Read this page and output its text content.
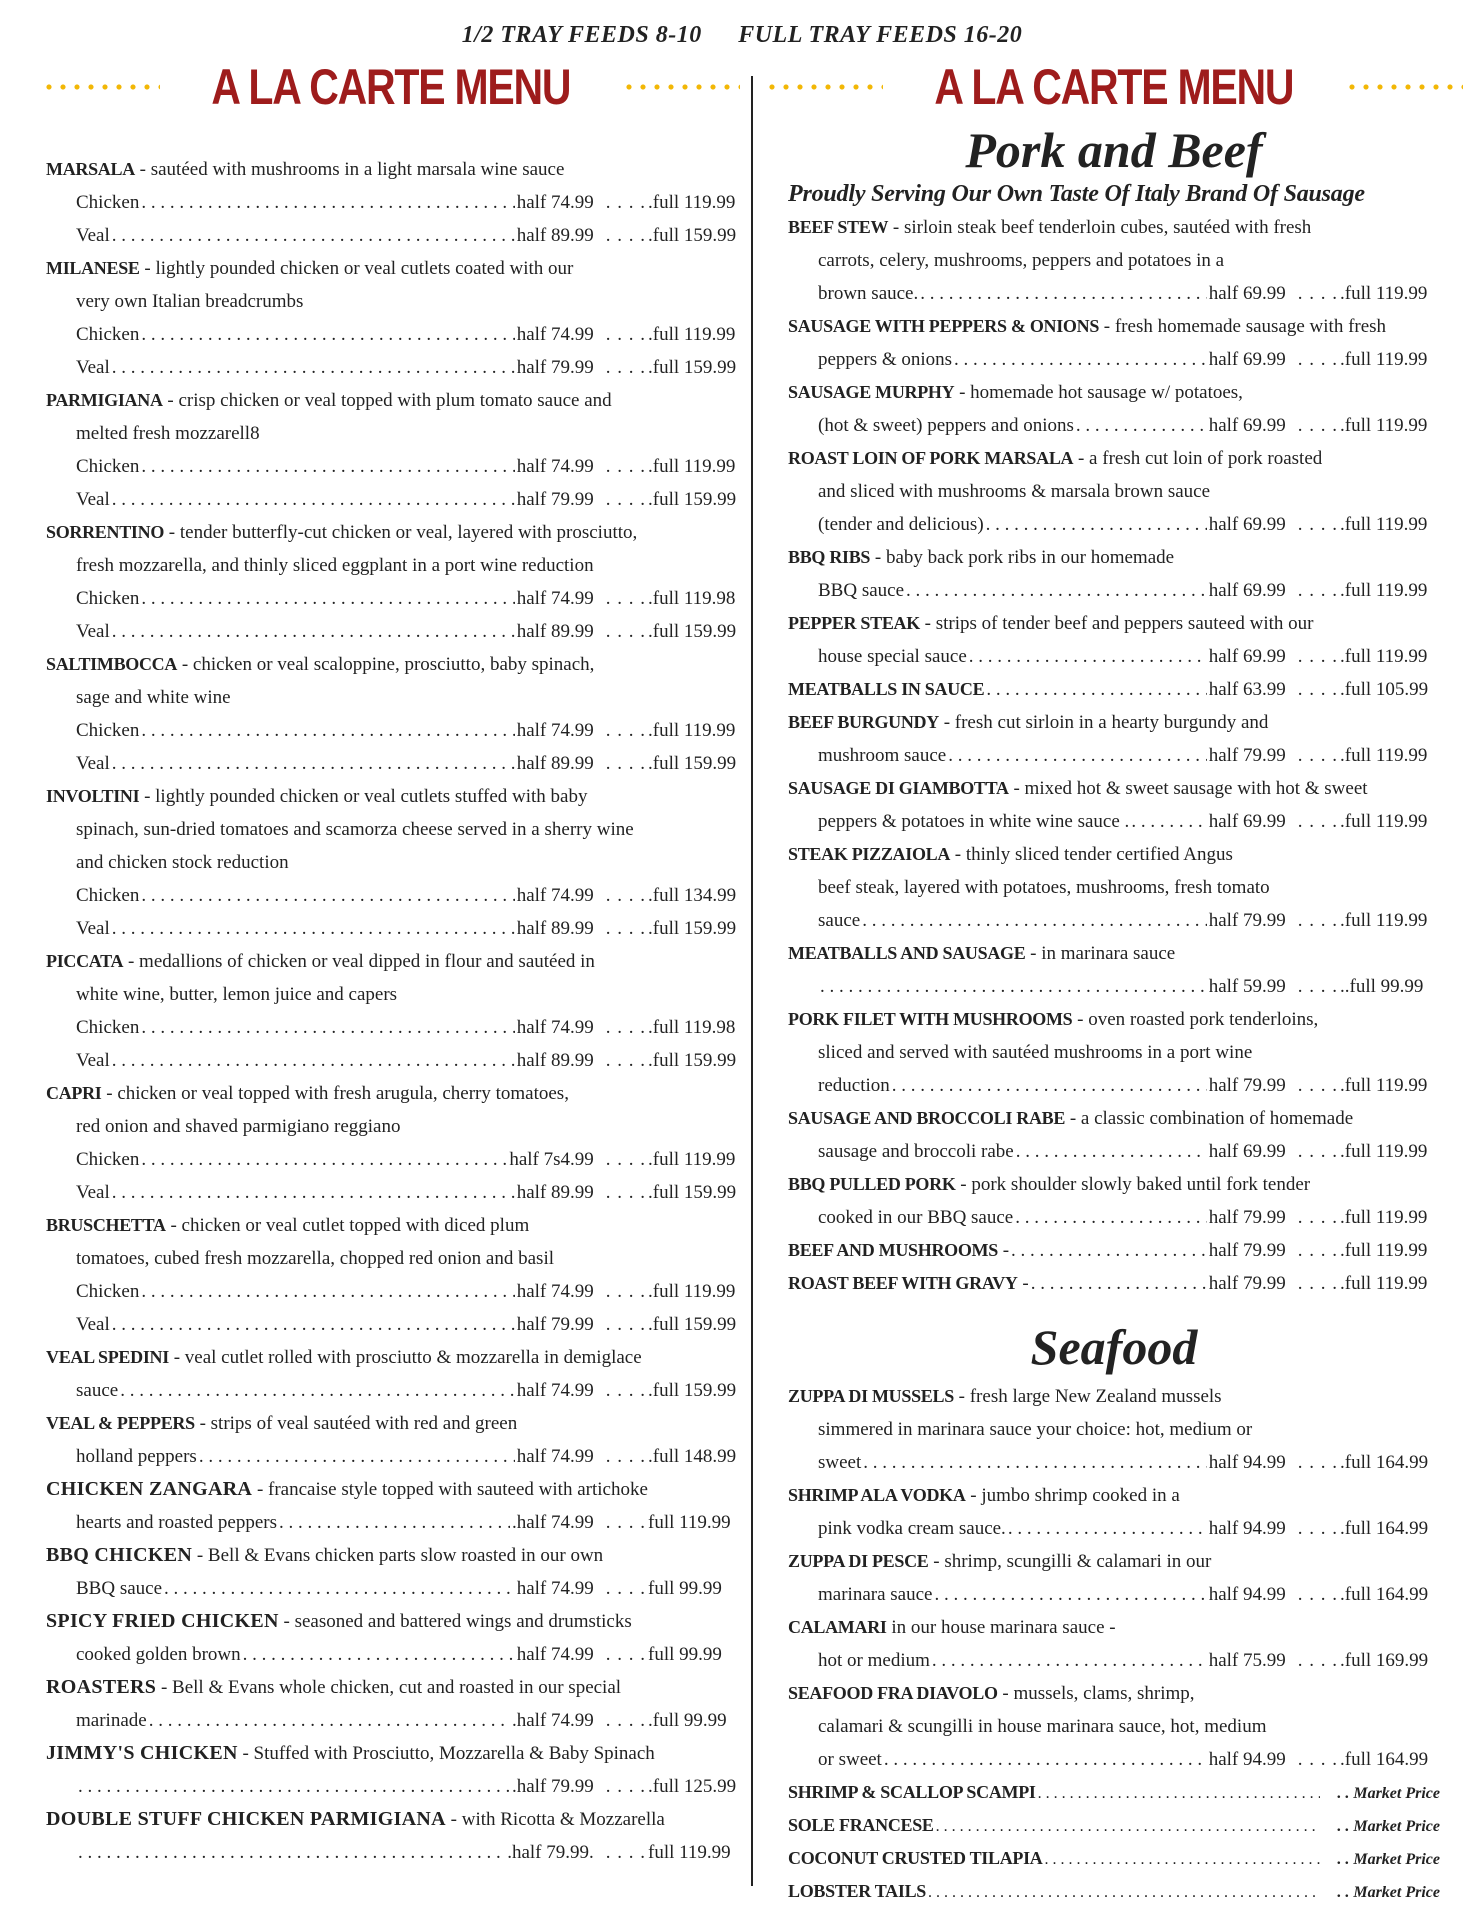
1/2 TRAY FEEDS 8-10 FULL TRAY FEEDS 16-20
A LA CARTE MENU
MARSALA - sautéed with mushrooms in a light marsala wine sauce
Chicken . . .	half 74.99 . . . . .full 119.99
Veal . . .	half 89.99 . . . . .full 159.99
MILANESE - lightly pounded chicken or veal cutlets coated with our
very own Italian breadcrumbs
Chicken . . .	half 74.99 . . . . .full 119.99
Veal . . .	half 79.99 . . . . .full 159.99
PARMIGIANA - crisp chicken or veal topped with plum tomato sauce and
melted fresh mozzarell8
Chicken . . .	half 74.99 . . . . .full 119.99
Veal . . .	half 79.99 . . . . .full 159.99
SORRENTINO - tender butterfly-cut chicken or veal, layered with prosciutto,
fresh mozzarella, and thinly sliced eggplant in a port wine reduction
Chicken . . .	half 74.99 . . . . .full 119.98
Veal . . .	half 89.99 . . . . .full 159.99
SALTIMBOCCA - chicken or veal scaloppine, prosciutto, baby spinach,
sage and white wine
Chicken . . .	half 74.99 . . . . .full 119.99
Veal . . .	half 89.99 . . . . .full 159.99
INVOLTINI - lightly pounded chicken or veal cutlets stuffed with baby
spinach, sun-dried tomatoes and scamorza cheese served in a sherry wine
and chicken stock reduction
Chicken . . .	half 74.99 . . . . .full 134.99
Veal . . .	half 89.99 . . . . .full 159.99
PICCATA - medallions of chicken or veal dipped in flour and sautéed in
white wine, butter, lemon juice and capers
Chicken . . .	half 74.99 . . . . .full 119.98
Veal . . .	half 89.99 . . . . .full 159.99
CAPRI - chicken or veal topped with fresh arugula, cherry tomatoes,
red onion and shaved parmigiano reggiano
Chicken . . .	half 7s4.99 . . . . .full 119.99
Veal . . .	half 89.99 . . . . .full 159.99
BRUSCHETTA - chicken or veal cutlet topped with diced plum
tomatoes, cubed fresh mozzarella, chopped red onion and basil
Chicken . . .	half 74.99 . . . . .full 119.99
Veal . . .	half 79.99 . . . . .full 159.99
VEAL SPEDINI - veal cutlet rolled with prosciutto & mozzarella in demiglace
sauce . . .	half 74.99 . . . . .full 159.99
VEAL & PEPPERS - strips of veal sautéed with red and green
holland peppers . . .	half 74.99 . . . . .full 148.99
CHICKEN ZANGARA - francaise style topped with sauteed with artichoke
hearts and roasted peppers . . .	.half 74.99 . . . . full 119.99
BBQ CHICKEN - Bell & Evans chicken parts slow roasted in our own
BBQ sauce . . .	half 74.99 . . . . full 99.99
SPICY FRIED CHICKEN - seasoned and battered wings and drumsticks
cooked golden brown . . .	half 74.99 . . . . full 99.99
ROASTERS - Bell & Evans whole chicken, cut and roasted in our special
marinade . . .	.half 74.99 . . . . .full 99.99
JIMMY'S CHICKEN - Stuffed with Prosciutto, Mozzarella & Baby Spinach
. . .
.half 79.99 . . . . .full 125.99
DOUBLE STUFF CHICKEN PARMIGIANA - with Ricotta & Mozzarella
. . .
.half 79.99. . . . . full 119.99
A LA CARTE MENU
Pork and Beef
Proudly Serving Our Own Taste Of Italy Brand Of Sausage
BEEF STEW - sirloin steak beef tenderloin cubes, sautéed with fresh
carrots, celery, mushrooms, peppers and potatoes in a
brown sauce. . . .	half 69.99 . . . . .full 119.99
SAUSAGE WITH PEPPERS & ONIONS - fresh homemade sausage with fresh
peppers & onions . . .	half 69.99 . . . . .full 119.99
SAUSAGE MURPHY - homemade hot sausage w/ potatoes,
(hot & sweet) peppers and onions . . .	half 69.99 . . . . .full 119.99
ROAST LOIN OF PORK MARSALA - a fresh cut loin of pork roasted
and sliced with mushrooms & marsala brown sauce
(tender and delicious) . . .	half 69.99 . . . . .full 119.99
BBQ RIBS - baby back pork ribs in our homemade
BBQ sauce . . .	half 69.99 . . . . .full 119.99
PEPPER STEAK - strips of tender beef and peppers sauteed with our
house special sauce . . .	half 69.99 . . . . .full 119.99
MEATBALLS IN SAUCE . . .	half 63.99 . . . . .full 105.99
BEEF BURGUNDY - fresh cut sirloin in a hearty burgundy and
mushroom sauce . . .	half 79.99 . . . . .full 119.99
SAUSAGE DI GIAMBOTTA - mixed hot & sweet sausage with hot & sweet
peppers & potatoes in white wine sauce . . . .	half 69.99 . . . . .full 119.99
STEAK PIZZAIOLA - thinly sliced tender certified Angus
beef steak, layered with potatoes, mushrooms, fresh tomato
sauce . . .	half 79.99 . . . . .full 119.99
MEATBALLS AND SAUSAGE - in marinara sauce
. . .
half 59.99 . . . . ..full 99.99
PORK FILET WITH MUSHROOMS - oven roasted pork tenderloins,
sliced and served with sautéed mushrooms in a port wine
reduction . . .	half 79.99 . . . . .full 119.99
SAUSAGE AND BROCCOLI RABE - a classic combination of homemade
sausage and broccoli rabe . . .	half 69.99 . . . . .full 119.99
BBQ PULLED PORK - pork shoulder slowly baked until fork tender
cooked in our BBQ sauce . . .	half 79.99 . . . . .full 119.99
BEEF AND MUSHROOMS - . . .	half 79.99 . . . . .full 119.99
ROAST BEEF WITH GRAVY - . . .	half 79.99 . . . . .full 119.99
Seafood
ZUPPA DI MUSSELS - fresh large New Zealand mussels
simmered in marinara sauce your choice: hot, medium or
sweet . . .	half 94.99 . . . . .full 164.99
SHRIMP ALA VODKA - jumbo shrimp cooked in a
pink vodka cream sauce. . . .	half 94.99 . . . . .full 164.99
ZUPPA DI PESCE - shrimp, scungilli & calamari in our
marinara sauce . . .	half 94.99 . . . . .full 164.99
CALAMARI in our house marinara sauce -
hot or medium . . .	half 75.99 . . . . .full 169.99
SEAFOOD FRA DIAVOLO - mussels, clams, shrimp,
calamari & scungilli in house marinara sauce, hot, medium
or sweet . . .	half 94.99 . . . . .full 164.99
SHRIMP & SCALLOP SCAMPI . . .	. . Market Price
SOLE FRANCESE . . .	. . Market Price
COCONUT CRUSTED TILAPIA . . .	. . Market Price
LOBSTER TAILS . . .	. . Market Price
